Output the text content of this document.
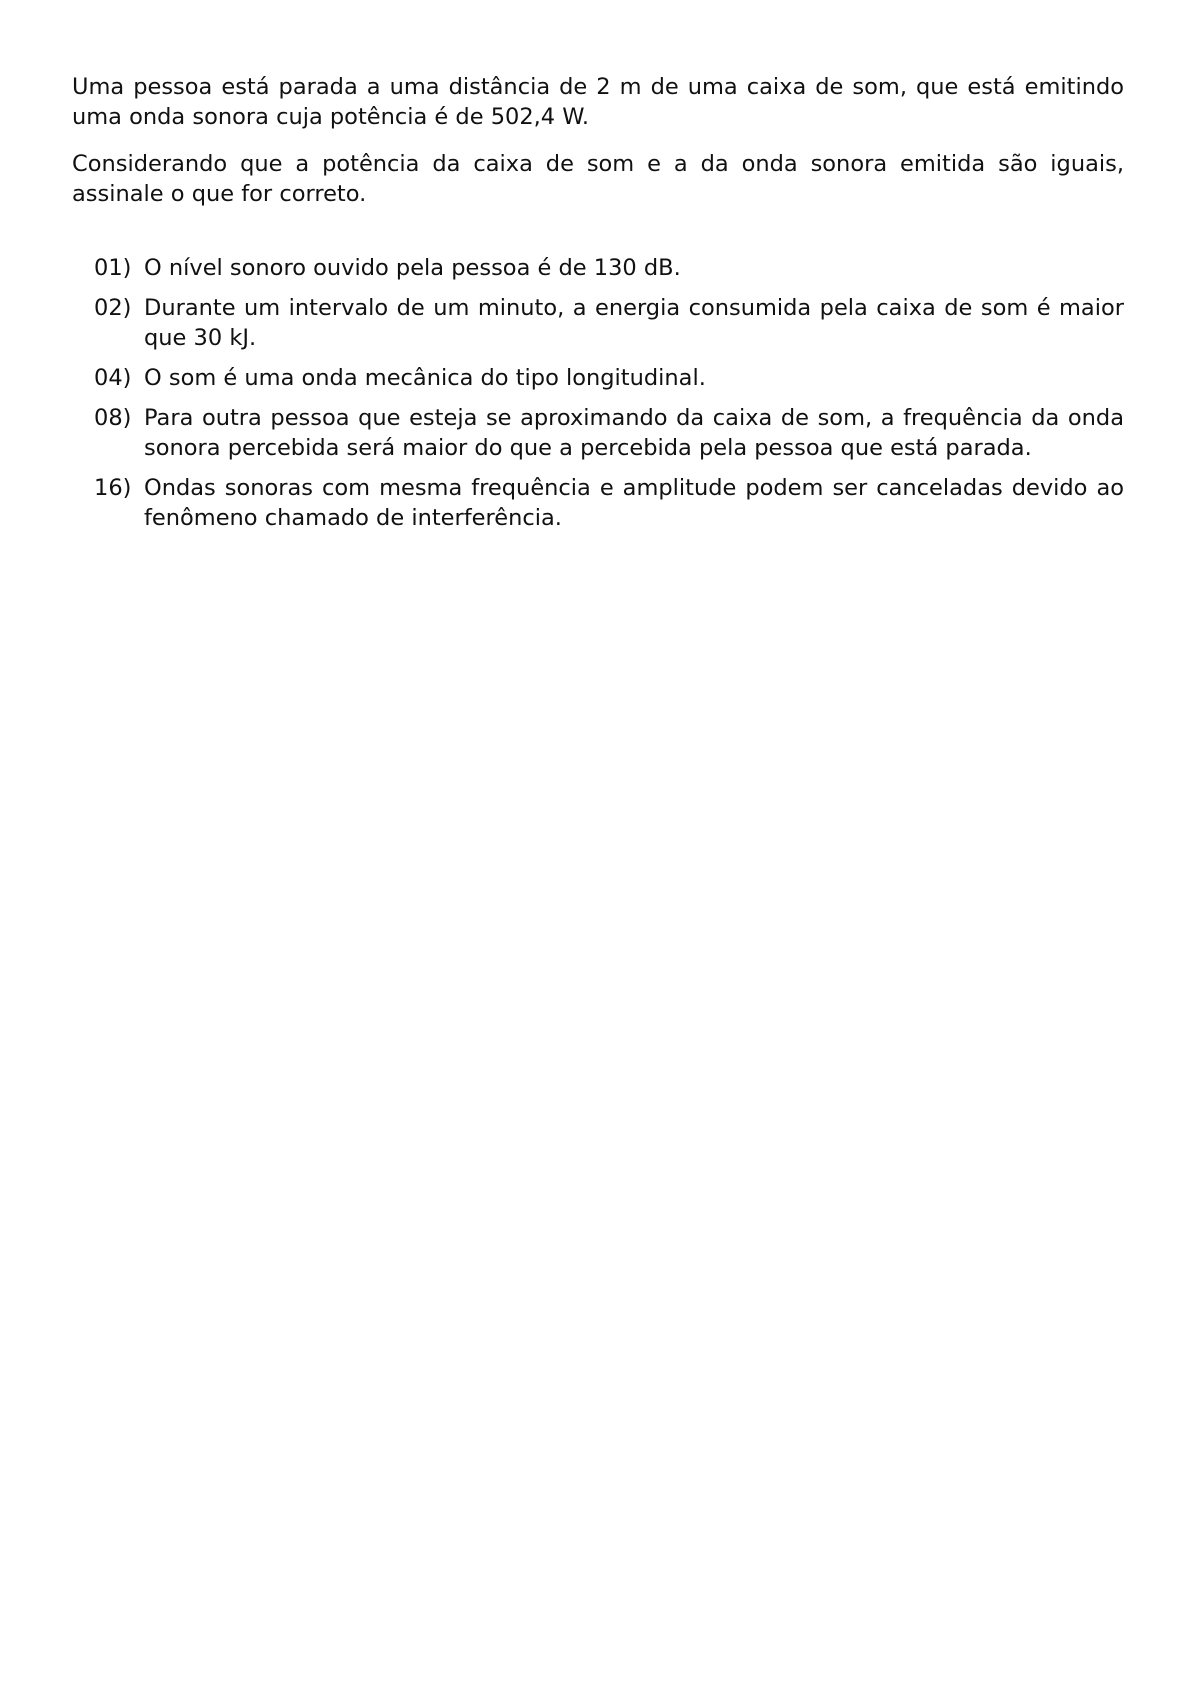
Uma pessoa está parada a uma distância de 2 m de uma caixa de som, que está emitindo uma onda sonora cuja potência é de 502,4 W.

Considerando que a potência da caixa de som e a da onda sonora emitida são iguais, assinale o que for correto.

01) O nível sonoro ouvido pela pessoa é de 130 dB.
02) Durante um intervalo de um minuto, a energia consumida pela caixa de som é maior que 30 kJ.
04) O som é uma onda mecânica do tipo longitudinal.
08) Para outra pessoa que esteja se aproximando da caixa de som, a frequência da onda sonora percebida será maior do que a percebida pela pessoa que está parada.
16) Ondas sonoras com mesma frequência e amplitude podem ser canceladas devido ao fenômeno chamado de interferência.
